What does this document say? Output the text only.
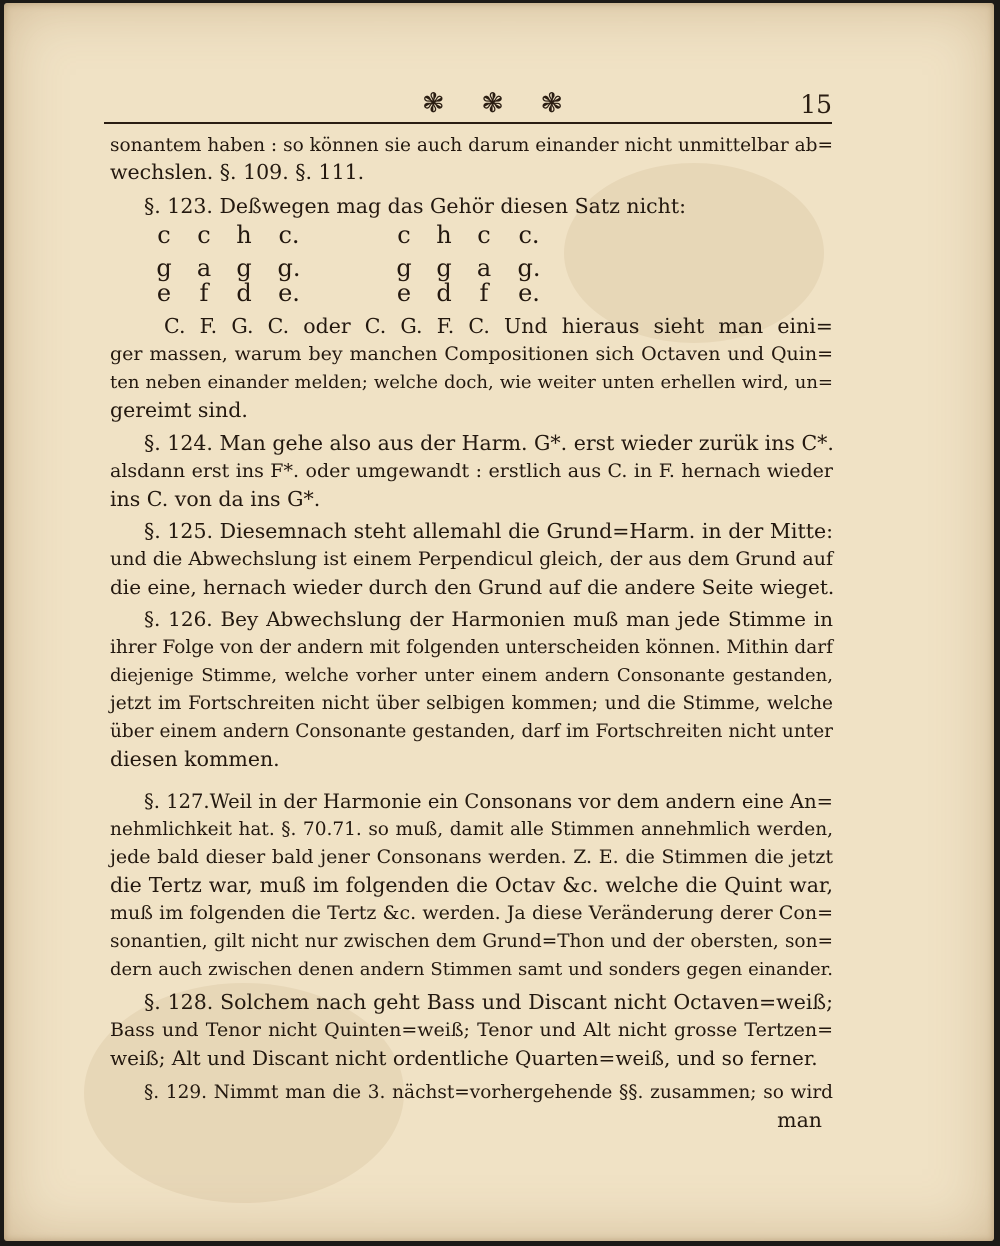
❃ ❃ ❃	15
sonantem haben : so können sie auch darum einander nicht unmittelbar ab=
wechslen. §. 109. §. 111.
§. 123. Deßwegen mag das Gehör diesen Satz nicht:
c	c	h	c.	c	h	c	c.
g	a	g	g.	g	g	a	g.
e	f	d	e.	e	d	f	e.
C. F. G. C. oder C. G. F. C. Und hieraus sieht man eini=
ger massen, warum bey manchen Compositionen sich Octaven und Quin=
ten neben einander melden; welche doch, wie weiter unten erhellen wird, un=
gereimt sind.
§. 124. Man gehe also aus der Harm. G*. erst wieder zurük ins C*.
alsdann erst ins F*. oder umgewandt : erstlich aus C. in F. hernach wieder
ins C. von da ins G*.
§. 125. Diesemnach steht allemahl die Grund=Harm. in der Mitte:
und die Abwechslung ist einem Perpendicul gleich, der aus dem Grund auf
die eine, hernach wieder durch den Grund auf die andere Seite wieget.
§. 126. Bey Abwechslung der Harmonien muß man jede Stimme in
ihrer Folge von der andern mit folgenden unterscheiden können. Mithin darf
diejenige Stimme, welche vorher unter einem andern Consonante gestanden,
jetzt im Fortschreiten nicht über selbigen kommen; und die Stimme, welche
über einem andern Consonante gestanden, darf im Fortschreiten nicht unter
diesen kommen.
§. 127.Weil in der Harmonie ein Consonans vor dem andern eine An=
nehmlichkeit hat. §. 70.71. so muß, damit alle Stimmen annehmlich werden,
jede bald dieser bald jener Consonans werden. Z. E. die Stimmen die jetzt
die Tertz war, muß im folgenden die Octav &c. welche die Quint war,
muß im folgenden die Tertz &c. werden. Ja diese Veränderung derer Con=
sonantien, gilt nicht nur zwischen dem Grund=Thon und der obersten, son=
dern auch zwischen denen andern Stimmen samt und sonders gegen einander.
§. 128. Solchem nach geht Bass und Discant nicht Octaven=weiß;
Bass und Tenor nicht Quinten=weiß; Tenor und Alt nicht grosse Tertzen=
weiß; Alt und Discant nicht ordentliche Quarten=weiß, und so ferner.
§. 129. Nimmt man die 3. nächst=vorhergehende §§. zusammen; so wird
man
